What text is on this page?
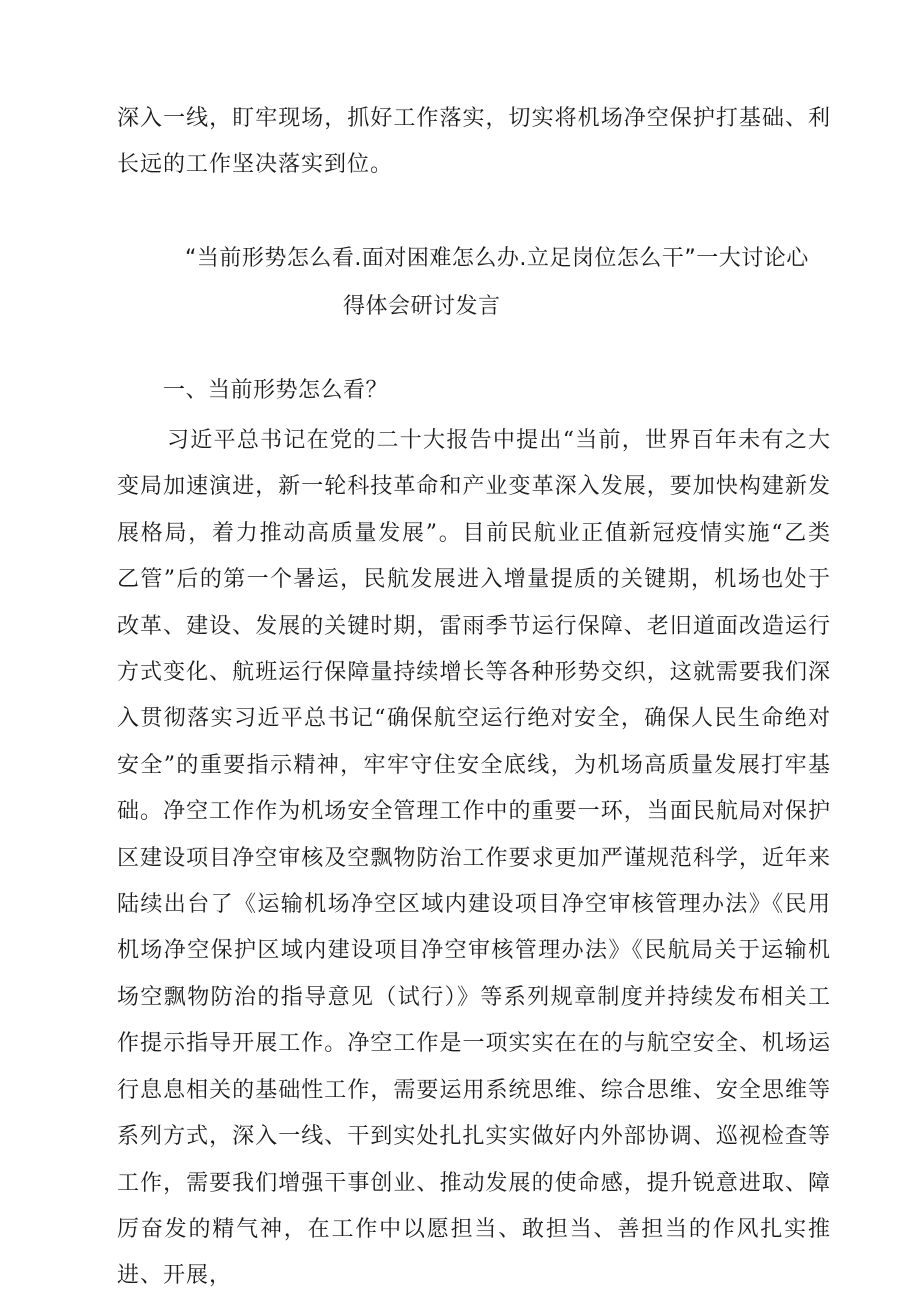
深入一线，盯牢现场，抓好工作落实，切实将机场净空保护打基础、利长远的工作坚决落实到位。

“当前形势怎么看.面对困难怎么办.立足岗位怎么干”一大讨论心
得体会研讨发言
一、当前形势怎么看？

习近平总书记在党的二十大报告中提出“当前，世界百年未有之大变局加速演进，新一轮科技革命和产业变革深入发展，要加快构建新发展格局，着力推动高质量发展”。目前民航业正值新冠疫情实施“乙类乙管”后的第一个暑运，民航发展进入增量提质的关键期，机场也处于改革、建设、发展的关键时期，雷雨季节运行保障、老旧道面改造运行方式变化、航班运行保障量持续增长等各种形势交织，这就需要我们深入贯彻落实习近平总书记“确保航空运行绝对安全，确保人民生命绝对安全”的重要指示精神，牢牢守住安全底线，为机场高质量发展打牢基础。净空工作作为机场安全管理工作中的重要一环，当面民航局对保护区建设项目净空审核及空飘物防治工作要求更加严谨规范科学，近年来陆续出台了《运输机场净空区域内建设项目净空审核管理办法》《民用机场净空保护区域内建设项目净空审核管理办法》《民航局关于运输机场空飘物防治的指导意见（试行）》等系列规章制度并持续发布相关工作提示指导开展工作。净空工作是一项实实在在的与航空安全、机场运行息息相关的基础性工作，需要运用系统思维、综合思维、安全思维等系列方式，深入一线、干到实处扎扎实实做好内外部协调、巡视检查等工作，需要我们增强干事创业、推动发展的使命感，提升锐意进取、障厉奋发的精气神，在工作中以愿担当、敢担当、善担当的作风扎实推进、开展，
